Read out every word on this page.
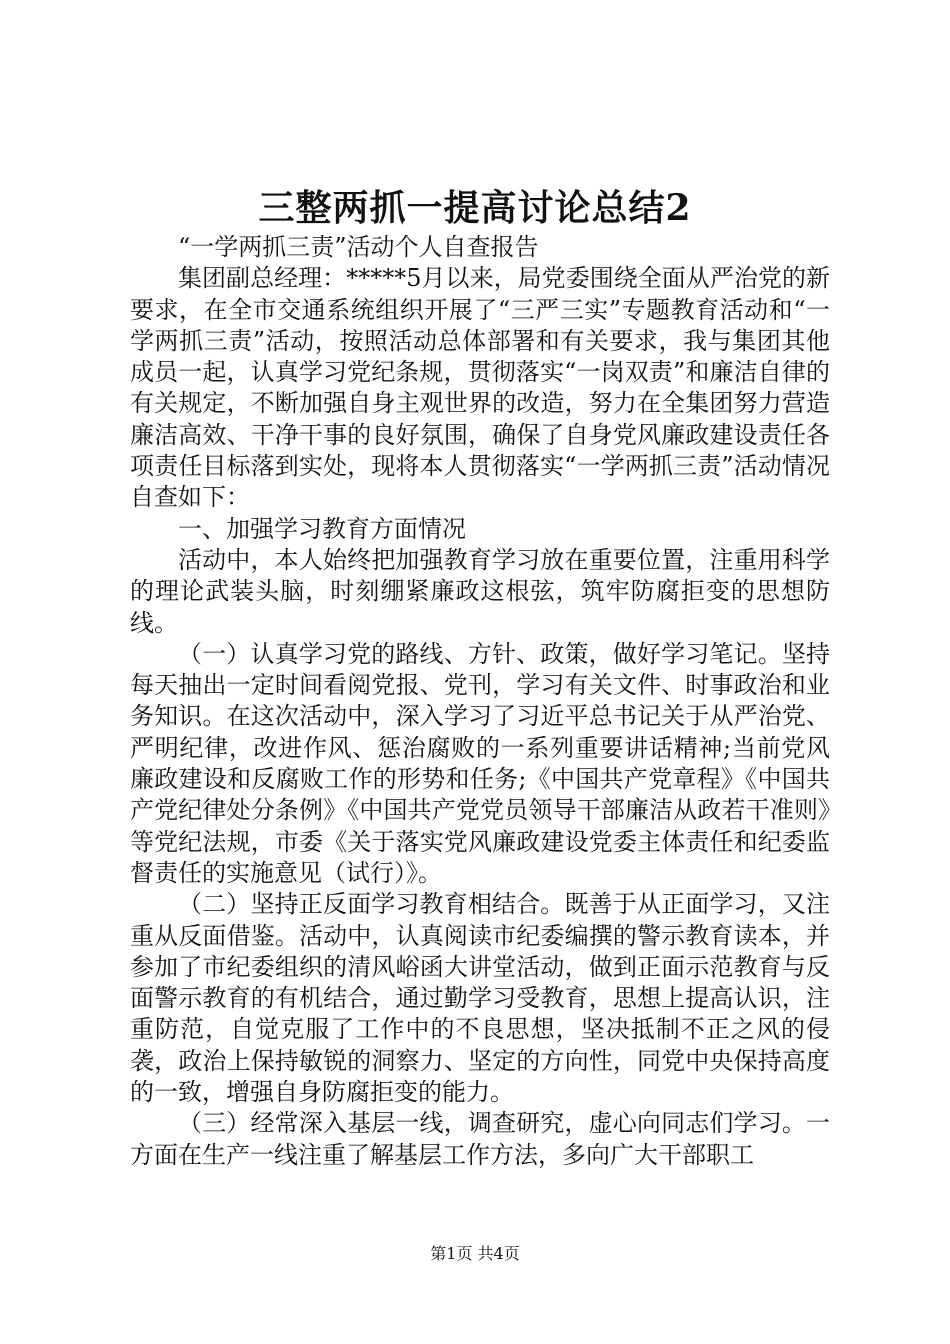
三整两抓一提高讨论总结2

“一学两抓三责”活动个人自查报告

集团副总经理：*****5月以来，局党委围绕全面从严治党的新要求，在全市交通系统组织开展了“三严三实”专题教育活动和“一学两抓三责”活动，按照活动总体部署和有关要求，我与集团其他成员一起，认真学习党纪条规，贯彻落实“一岗双责”和廉洁自律的有关规定，不断加强自身主观世界的改造，努力在全集团努力营造廉洁高效、干净干事的良好氛围，确保了自身党风廉政建设责任各项责任目标落到实处，现将本人贯彻落实“一学两抓三责”活动情况自查如下：

一、加强学习教育方面情况

活动中，本人始终把加强教育学习放在重要位置，注重用科学的理论武装头脑，时刻绷紧廉政这根弦，筑牢防腐拒变的思想防线。

（一）认真学习党的路线、方针、政策，做好学习笔记。坚持每天抽出一定时间看阅党报、党刊，学习有关文件、时事政治和业务知识。在这次活动中，深入学习了习近平总书记关于从严治党、严明纪律，改进作风、惩治腐败的一系列重要讲话精神;当前党风廉政建设和反腐败工作的形势和任务;《中国共产党章程》《中国共产党纪律处分条例》《中国共产党党员领导干部廉洁从政若干准则》等党纪法规，市委《关于落实党风廉政建设党委主体责任和纪委监督责任的实施意见（试行）》。

（二）坚持正反面学习教育相结合。既善于从正面学习，又注重从反面借鉴。活动中，认真阅读市纪委编撰的警示教育读本，并参加了市纪委组织的清风峪函大讲堂活动，做到正面示范教育与反面警示教育的有机结合，通过勤学习受教育，思想上提高认识，注重防范，自觉克服了工作中的不良思想，坚决抵制不正之风的侵袭，政治上保持敏锐的洞察力、坚定的方向性，同党中央保持高度的一致，增强自身防腐拒变的能力。

（三）经常深入基层一线，调查研究，虚心向同志们学习。一方面在生产一线注重了解基层工作方法，多向广大干部职工

第1页 共4页
